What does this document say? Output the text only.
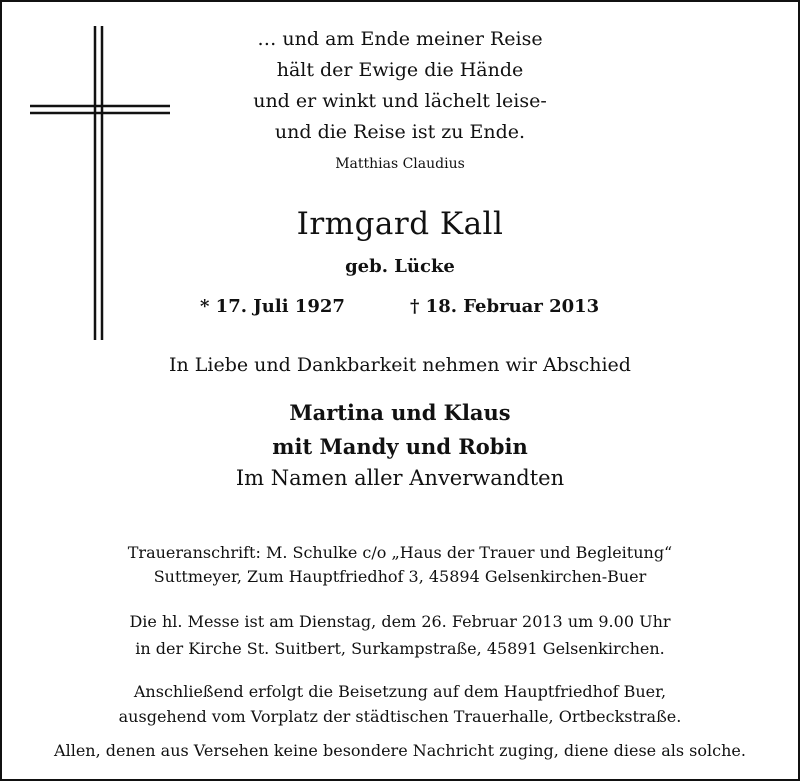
… und am Ende meiner Reise
hält der Ewige die Hände
und er winkt und lächelt leise-
und die Reise ist zu Ende.
Matthias Claudius
Irmgard Kall
geb. Lücke
* 17. Juli 1927	† 18. Februar 2013
In Liebe und Dankbarkeit nehmen wir Abschied
Martina und Klaus
mit Mandy und Robin
Im Namen aller Anverwandten
Traueranschrift: M. Schulke c/o „Haus der Trauer und Begleitung“
Suttmeyer, Zum Hauptfriedhof 3, 45894 Gelsenkirchen-Buer
Die hl. Messe ist am Dienstag, dem 26. Februar 2013 um 9.00 Uhr
in der Kirche St. Suitbert, Surkampstraße, 45891 Gelsenkirchen.
Anschließend erfolgt die Beisetzung auf dem Hauptfriedhof Buer,
ausgehend vom Vorplatz der städtischen Trauerhalle, Ortbeckstraße.
Allen, denen aus Versehen keine besondere Nachricht zuging, diene diese als solche.
